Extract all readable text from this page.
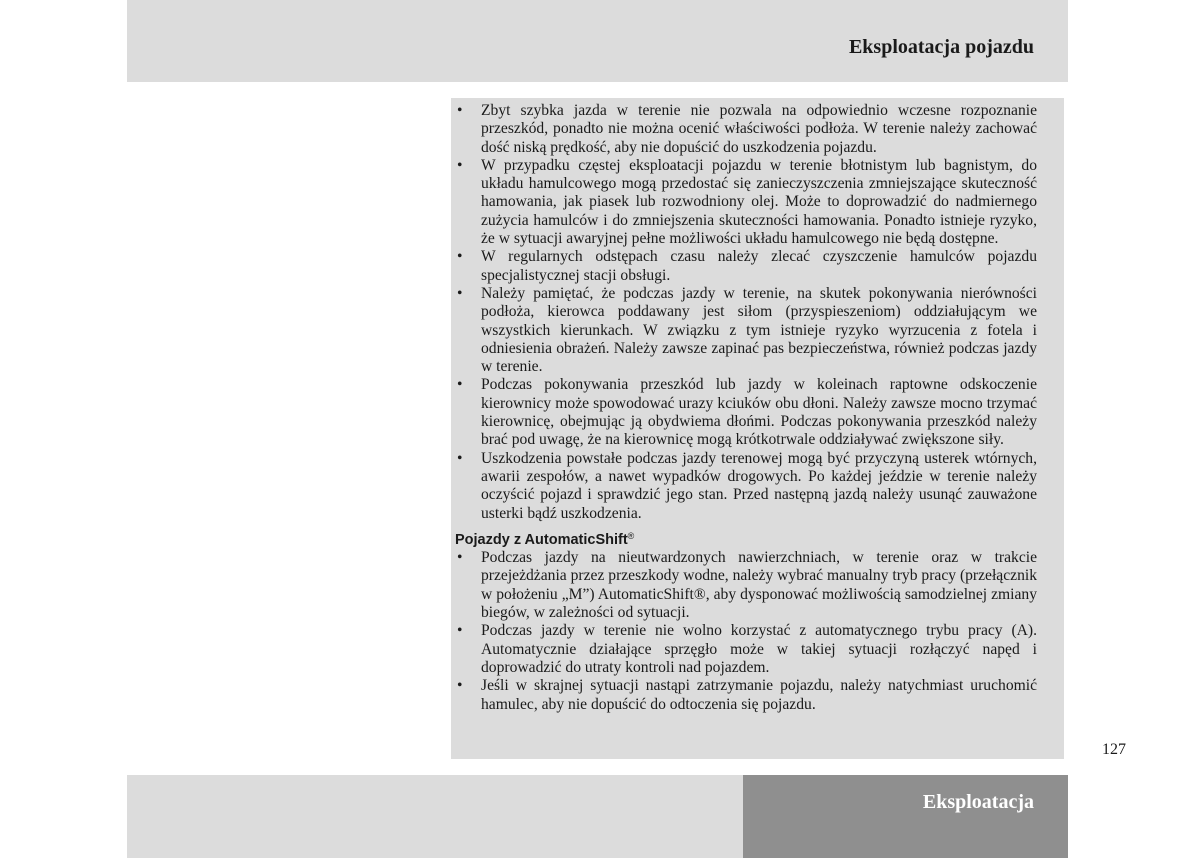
Eksploatacja pojazdu
• Zbyt szybka jazda w terenie nie pozwala na odpowiednio wczesne rozpoznanie przeszkód, ponadto nie można ocenić właściwości podłoża. W terenie należy zachować dość niską prędkość, aby nie dopuścić do uszkodzenia pojazdu.
• W przypadku częstej eksploatacji pojazdu w terenie błotnistym lub bagnistym, do układu hamulcowego mogą przedostać się zanieczyszczenia zmniejszające skuteczność hamowania, jak piasek lub rozwodniony olej. Może to doprowadzić do nadmiernego zużycia hamulców i do zmniejszenia skuteczności hamowania. Ponadto istnieje ryzyko, że w sytuacji awaryjnej pełne możliwości układu hamulcowego nie będą dostępne.
• W regularnych odstępach czasu należy zlecać czyszczenie hamulców pojazdu specjalistycznej stacji obsługi.
• Należy pamiętać, że podczas jazdy w terenie, na skutek pokonywania nierówności podłoża, kierowca poddawany jest siłom (przyspieszeniom) oddziałującym we wszystkich kierunkach. W związku z tym istnieje ryzyko wyrzucenia z fotela i odniesienia obrażeń. Należy zawsze zapinać pas bezpieczeństwa, również podczas jazdy w terenie.
• Podczas pokonywania przeszkód lub jazdy w koleinach raptowne odskoczenie kierownicy może spowodować urazy kciuków obu dłoni. Należy zawsze mocno trzymać kierownicę, obejmując ją obydwiema dłońmi. Podczas pokonywania przeszkód należy brać pod uwagę, że na kierownicę mogą krótkotrwale oddziaływać zwiększone siły.
• Uszkodzenia powstałe podczas jazdy terenowej mogą być przyczyną usterek wtórnych, awarii zespołów, a nawet wypadków drogowych. Po każdej jeździe w terenie należy oczyścić pojazd i sprawdzić jego stan. Przed następną jazdą należy usunąć zauważone usterki bądź uszkodzenia.
Pojazdy z AutomaticShift®
• Podczas jazdy na nieutwardzonych nawierzchniach, w terenie oraz w trakcie przejeżdżania przez przeszkody wodne, należy wybrać manualny tryb pracy (przełącznik w położeniu „M”) AutomaticShift®, aby dysponować możliwością samodzielnej zmiany biegów, w zależności od sytuacji.
• Podczas jazdy w terenie nie wolno korzystać z automatycznego trybu pracy (A). Automatycznie działające sprzęgło może w takiej sytuacji rozłączyć napęd i doprowadzić do utraty kontroli nad pojazdem.
• Jeśli w skrajnej sytuacji nastąpi zatrzymanie pojazdu, należy natychmiast uruchomić hamulec, aby nie dopuścić do odtoczenia się pojazdu.
127
Eksploatacja
